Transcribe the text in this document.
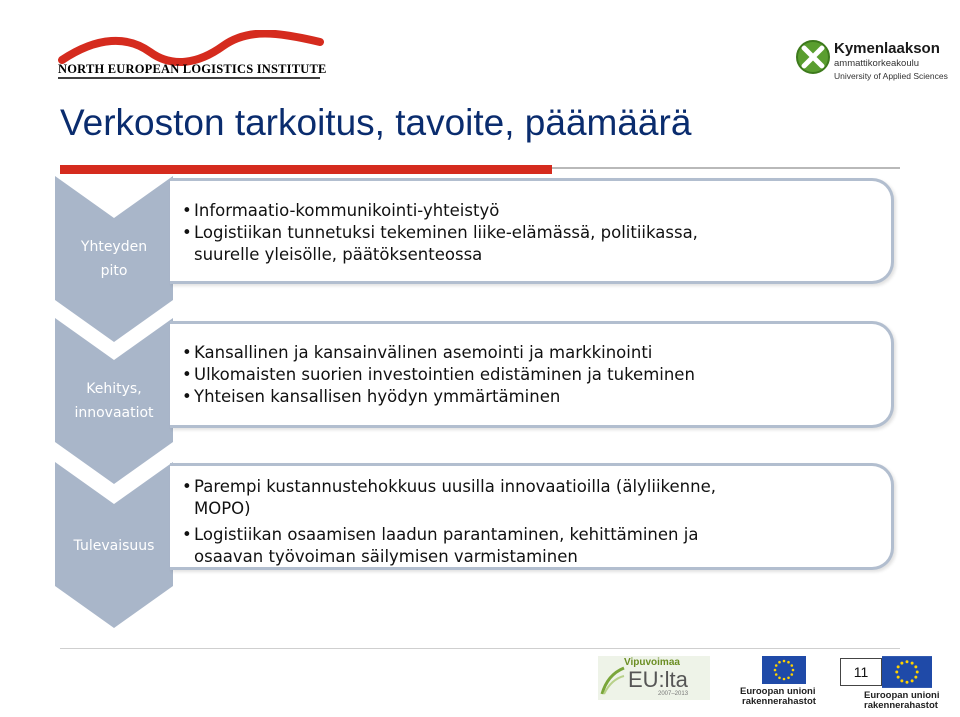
NORTH EUROPEAN LOGISTICS INSTITUTE
Kymenlaakson
ammattikorkeakoulu
University of Applied Sciences
Verkoston tarkoitus, tavoite, päämäärä
Yhteyden
pito
• Informaatio-kommunikointi-yhteistyö
• Logistiikan tunnetuksi tekeminen liike-elämässä, politiikassa,
suurelle yleisölle, päätöksenteossa
Kehitys,
innovaatiot
• Kansallinen ja kansainvälinen asemointi ja markkinointi
• Ulkomaisten suorien investointien edistäminen ja tukeminen
• Yhteisen kansallisen hyödyn ymmärtäminen
Tulevaisuus
• Parempi kustannustehokkuus uusilla innovaatioilla (älyliikenne,
MOPO)
• Logistiikan osaamisen laadun parantaminen, kehittäminen ja
osaavan työvoiman säilymisen varmistaminen
Vipuvoimaa
EU:lta
2007–2013	Euroopan unioni
rakennerahastot
11
Euroopan unioni
rakennerahastot
